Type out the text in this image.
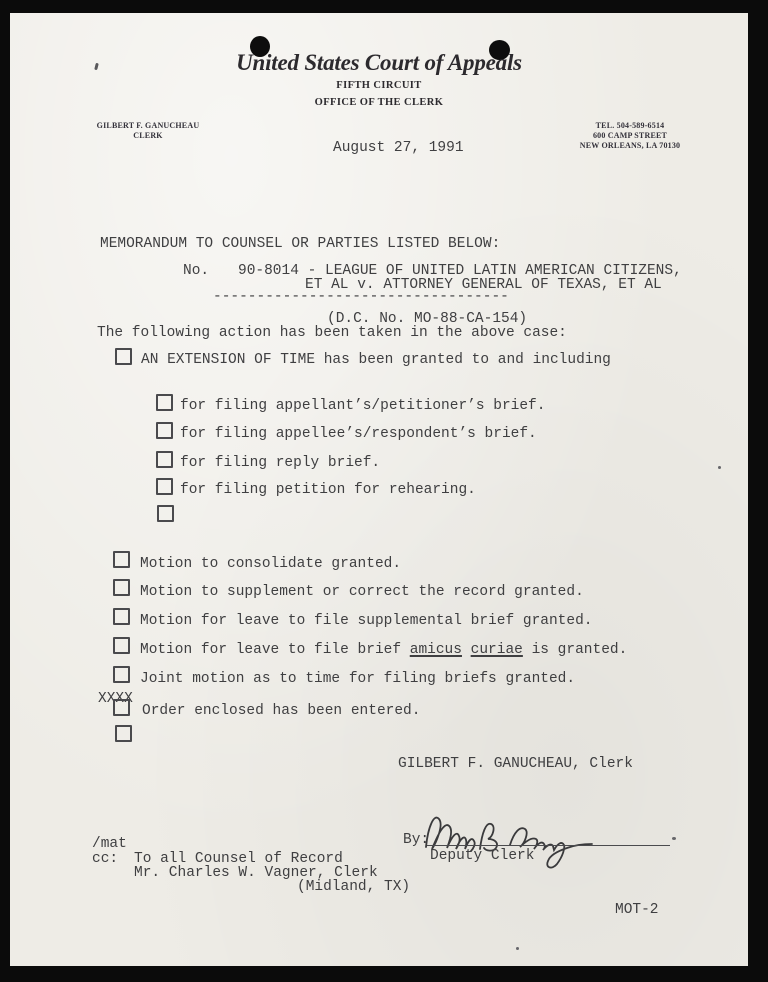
United States Court of Appeals
FIFTH CIRCUIT
OFFICE OF THE CLERK
GILBERT F. GANUCHEAU
CLERK
TEL. 504-589-6514
600 CAMP STREET
NEW ORLEANS, LA 70130
August 27, 1991
MEMORANDUM TO COUNSEL OR PARTIES LISTED BELOW:
No. 90-8014 - LEAGUE OF UNITED LATIN AMERICAN CITIZENS,
ET AL v. ATTORNEY GENERAL OF TEXAS, ET AL
----------------------------------
(D.C. No. MO-88-CA-154)
The following action has been taken in the above case:
AN EXTENSION OF TIME has been granted to and including
for filing appellant’s/petitioner’s brief.
for filing appellee’s/respondent’s brief.
for filing reply brief.
for filing petition for rehearing.
Motion to consolidate granted.
Motion to supplement or correct the record granted.
Motion for leave to file supplemental brief granted.
Motion for leave to file brief amicus curiae is granted.
Joint motion as to time for filing briefs granted.
XXXX
Order enclosed has been entered.
GILBERT F. GANUCHEAU, Clerk
By:
Deputy Clerk
/mat
cc: To all Counsel of Record
Mr. Charles W. Vagner, Clerk
(Midland, TX)
MOT-2
